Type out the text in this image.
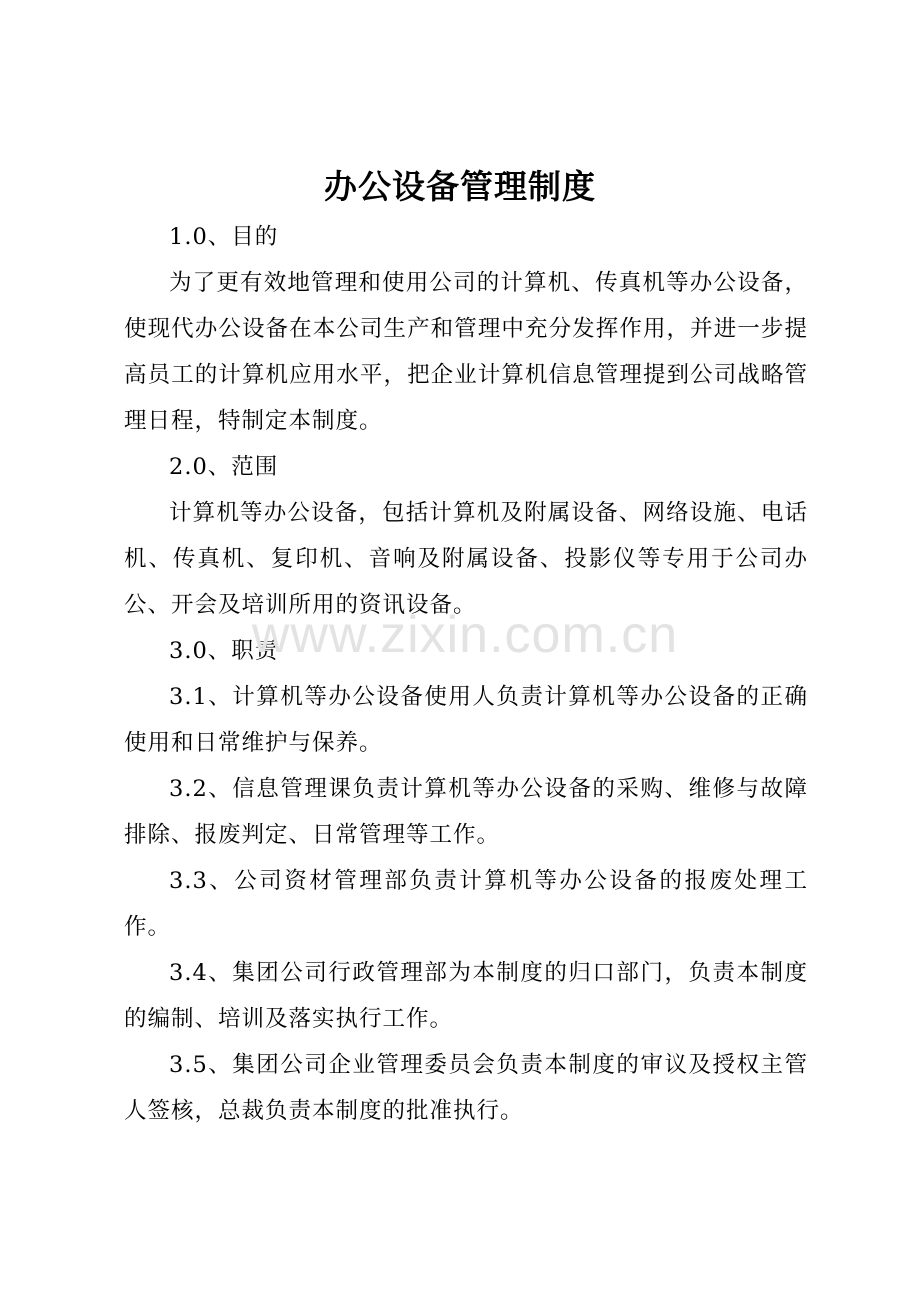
办公设备管理制度

1.0、目的

为了更有效地管理和使用公司的计算机、传真机等办公设备，使现代办公设备在本公司生产和管理中充分发挥作用，并进一步提高员工的计算机应用水平，把企业计算机信息管理提到公司战略管理日程，特制定本制度。

2.0、范围

计算机等办公设备，包括计算机及附属设备、网络设施、电话机、传真机、复印机、音响及附属设备、投影仪等专用于公司办公、开会及培训所用的资讯设备。

3.0、职责

3.1、计算机等办公设备使用人负责计算机等办公设备的正确使用和日常维护与保养。

3.2、信息管理课负责计算机等办公设备的采购、维修与故障排除、报废判定、日常管理等工作。

3.3、公司资材管理部负责计算机等办公设备的报废处理工作。

3.4、集团公司行政管理部为本制度的归口部门，负责本制度的编制、培训及落实执行工作。

3.5、集团公司企业管理委员会负责本制度的审议及授权主管人签核，总裁负责本制度的批准执行。

www.zixin.com.cn
